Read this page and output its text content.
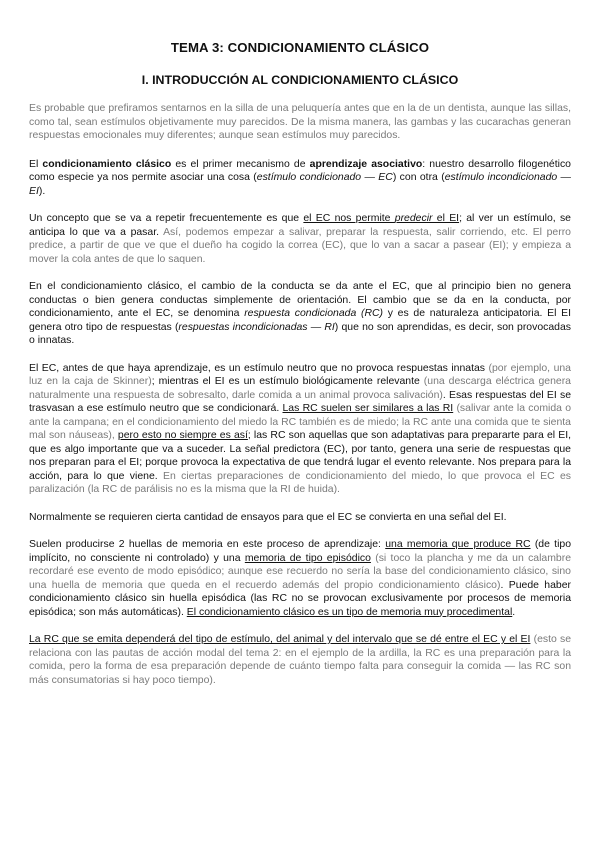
TEMA 3: CONDICIONAMIENTO CLÁSICO
I. INTRODUCCIÓN AL CONDICIONAMIENTO CLÁSICO

Es probable que prefiramos sentarnos en la silla de una peluquería antes que en la de un dentista, aunque las sillas, como tal, sean estímulos objetivamente muy parecidos. De la misma manera, las gambas y las cucarachas generan respuestas emocionales muy diferentes; aunque sean estímulos muy parecidos.

El condicionamiento clásico es el primer mecanismo de aprendizaje asociativo: nuestro desarrollo filogenético como especie ya nos permite asociar una cosa (estímulo condicionado — EC) con otra (estímulo incondicionado — EI).

Un concepto que se va a repetir frecuentemente es que el EC nos permite predecir el EI; al ver un estímulo, se anticipa lo que va a pasar. Así, podemos empezar a salivar, preparar la respuesta, salir corriendo, etc. El perro predice, a partir de que ve que el dueño ha cogido la correa (EC), que lo van a sacar a pasear (EI); y empieza a mover la cola antes de que lo saquen.

En el condicionamiento clásico, el cambio de la conducta se da ante el EC, que al principio bien no genera conductas o bien genera conductas simplemente de orientación. El cambio que se da en la conducta, por condicionamiento, ante el EC, se denomina respuesta condicionada (RC) y es de naturaleza anticipatoria. El EI genera otro tipo de respuestas (respuestas incondicionadas — RI) que no son aprendidas, es decir, son provocadas o innatas.

El EC, antes de que haya aprendizaje, es un estímulo neutro que no provoca respuestas innatas (por ejemplo, una luz en la caja de Skinner); mientras el EI es un estímulo biológicamente relevante (una descarga eléctrica genera naturalmente una respuesta de sobresalto, darle comida a un animal provoca salivación). Esas respuestas del EI se trasvasan a ese estímulo neutro que se condicionará. Las RC suelen ser similares a las RI (salivar ante la comida o ante la campana; en el condicionamiento del miedo la RC también es de miedo; la RC ante una comida que te sienta mal son náuseas), pero esto no siempre es así; las RC son aquellas que son adaptativas para prepararte para el EI, que es algo importante que va a suceder. La señal predictora (EC), por tanto, genera una serie de respuestas que nos preparan para el EI; porque provoca la expectativa de que tendrá lugar el evento relevante. Nos prepara para la acción, para lo que viene. En ciertas preparaciones de condicionamiento del miedo, lo que provoca el EC es paralización (la RC de parálisis no es la misma que la RI de huida).

Normalmente se requieren cierta cantidad de ensayos para que el EC se convierta en una señal del EI.

Suelen producirse 2 huellas de memoria en este proceso de aprendizaje: una memoria que produce RC (de tipo implícito, no consciente ni controlado) y una memoria de tipo episódico (si toco la plancha y me da un calambre recordaré ese evento de modo episódico; aunque ese recuerdo no sería la base del condicionamiento clásico, sino una huella de memoria que queda en el recuerdo además del propio condicionamiento clásico). Puede haber condicionamiento clásico sin huella episódica (las RC no se provocan exclusivamente por procesos de memoria episódica; son más automáticas). El condicionamiento clásico es un tipo de memoria muy procedimental.

La RC que se emita dependerá del tipo de estímulo, del animal y del intervalo que se dé entre el EC y el EI (esto se relaciona con las pautas de acción modal del tema 2: en el ejemplo de la ardilla, la RC es una preparación para la comida, pero la forma de esa preparación depende de cuánto tiempo falta para conseguir la comida — las RC son más consumatorias si hay poco tiempo).
